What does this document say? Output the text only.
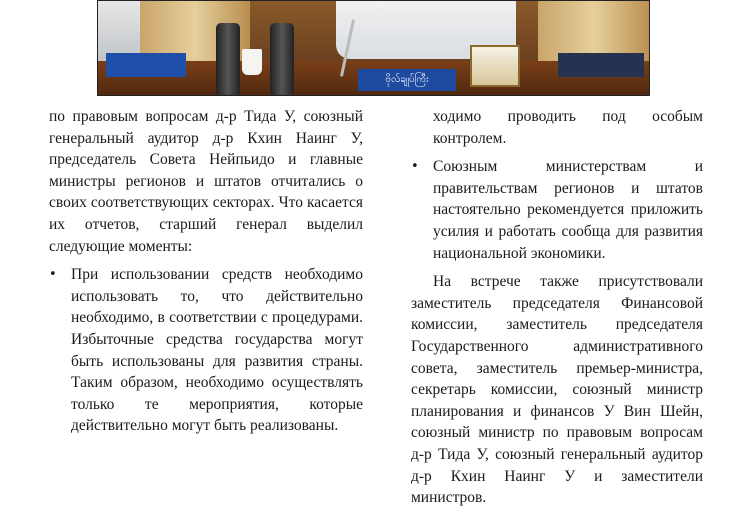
ဗိုလ်ချုပ်ကြီး

по правовым вопросам д-р Тида У, союзный генеральный аудитор д-р Кхин Наинг У, председатель Совета Нейпьидо и главные министры регионов и штатов отчитались о своих соответствующих секторах. Что касается их отчетов, старший генерал выделил следующие моменты:

• При использовании средств необходимо использовать то, что действительно необходимо, в соответствии с процедурами. Избыточные средства государства могут быть использованы для развития страны. Таким образом, необходимо осуществлять только те мероприятия, которые действительно могут быть реализованы.

ходимо проводить под особым контролем.

• Союзным министерствам и правительствам регионов и штатов настоятельно рекомендуется приложить усилия и работать сообща для развития национальной экономики.

На встрече также присутствовали заместитель председателя Финансовой комиссии, заместитель председателя Государственного административного совета, заместитель премьер-министра, секретарь комиссии, союзный министр планирования и финансов У Вин Шейн, союзный министр по правовым вопросам д-р Тида У, союзный генеральный аудитор д-р Кхин Наинг У и заместители министров.
